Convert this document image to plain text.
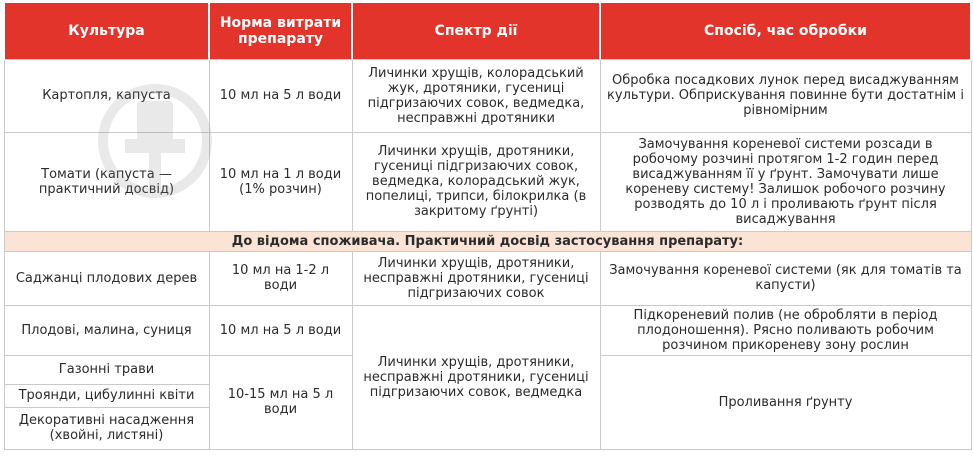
Культура	Норма витрати препарату	Спектр дії	Спосіб, час обробки
Картопля, капуста	10 мл на 5 л води	Личинки хрущів, колорадський жук, дротяники, гусениці підгризаючих совок, ведмедка, несправжні дротяники	Обробка посадкових лунок перед висаджуванням культури. Обприскування повинне бути достатнім і рівномірним
Томати (капуста — практичний досвід)	10 мл на 1 л води (1% розчин)	Личинки хрущів, дротяники, гусениці підгризаючих совок, ведмедка, колорадський жук, попелиці, трипси, білокрилка (в закритому ґрунті)	Замочування кореневої системи розсади в робочому розчині протягом 1-2 годин перед висаджуванням її у ґрунт. Замочувати лише кореневу систему! Залишок робочого розчину розводять до 10 л і проливають ґрунт після висаджування
До відома споживача. Практичний досвід застосування препарату:			
Саджанці плодових дерев	10 мл на 1-2 л води	Личинки хрущів, дротяники, несправжні дротяники, гусениці підгризаючих совок	Замочування кореневої системи (як для томатів та капусти)
Плодові, малина, суниця	10 мл на 5 л води	Личинки хрущів, дротяники, несправжні дротяники, гусениці підгризаючих совок, ведмедка	Підкореневий полив (не обробляти в період плодоношення). Рясно поливають робочим розчином прикореневу зону рослин
Газонні трави	10-15 мл на 5 л води		Проливання ґрунту
Троянди, цибулинні квіти			
Декоративні насадження (хвойні, листяні)			
